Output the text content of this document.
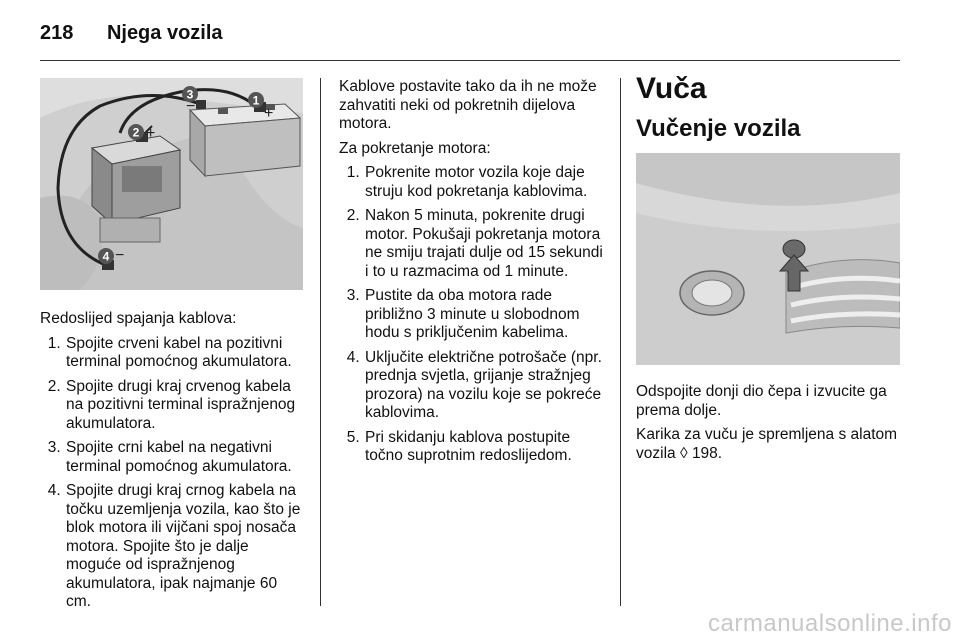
218 Njega vozila
1
+
2 +
3
−
4 −

Redoslijed spajanja kablova:

1. Spojite crveni kabel na pozitivni terminal pomoćnog akumulatora.
2. Spojite drugi kraj crvenog kabela na pozitivni terminal ispražnjenog akumulatora.
3. Spojite crni kabel na negativni terminal pomoćnog akumulatora.
4. Spojite drugi kraj crnog kabela na točku uzemljenja vozila, kao što je blok motora ili vijčani spoj nosača motora. Spojite što je dalje moguće od ispražnjenog akumulatora, ipak najmanje 60 cm.

Kablove postavite tako da ih ne može zahvatiti neki od pokretnih dijelova motora.

Za pokretanje motora:

1. Pokrenite motor vozila koje daje struju kod pokretanja kablovima.
2. Nakon 5 minuta, pokrenite drugi motor. Pokušaji pokretanja motora ne smiju trajati dulje od 15 sekundi i to u razmacima od 1 minute.
3. Pustite da oba motora rade približno 3 minute u slobodnom hodu s priključenim kabelima.
4. Uključite električne potrošače (npr. prednja svjetla, grijanje stražnjeg prozora) na vozilu koje se pokreće kablovima.
5. Pri skidanju kablova postupite točno suprotnim redoslijedom.
Vuča
Vučenje vozila

Odspojite donji dio čepa i izvucite ga prema dolje.

Karika za vuču je spremljena s alatom vozila ◊ 198.

carmanualsonline.info
